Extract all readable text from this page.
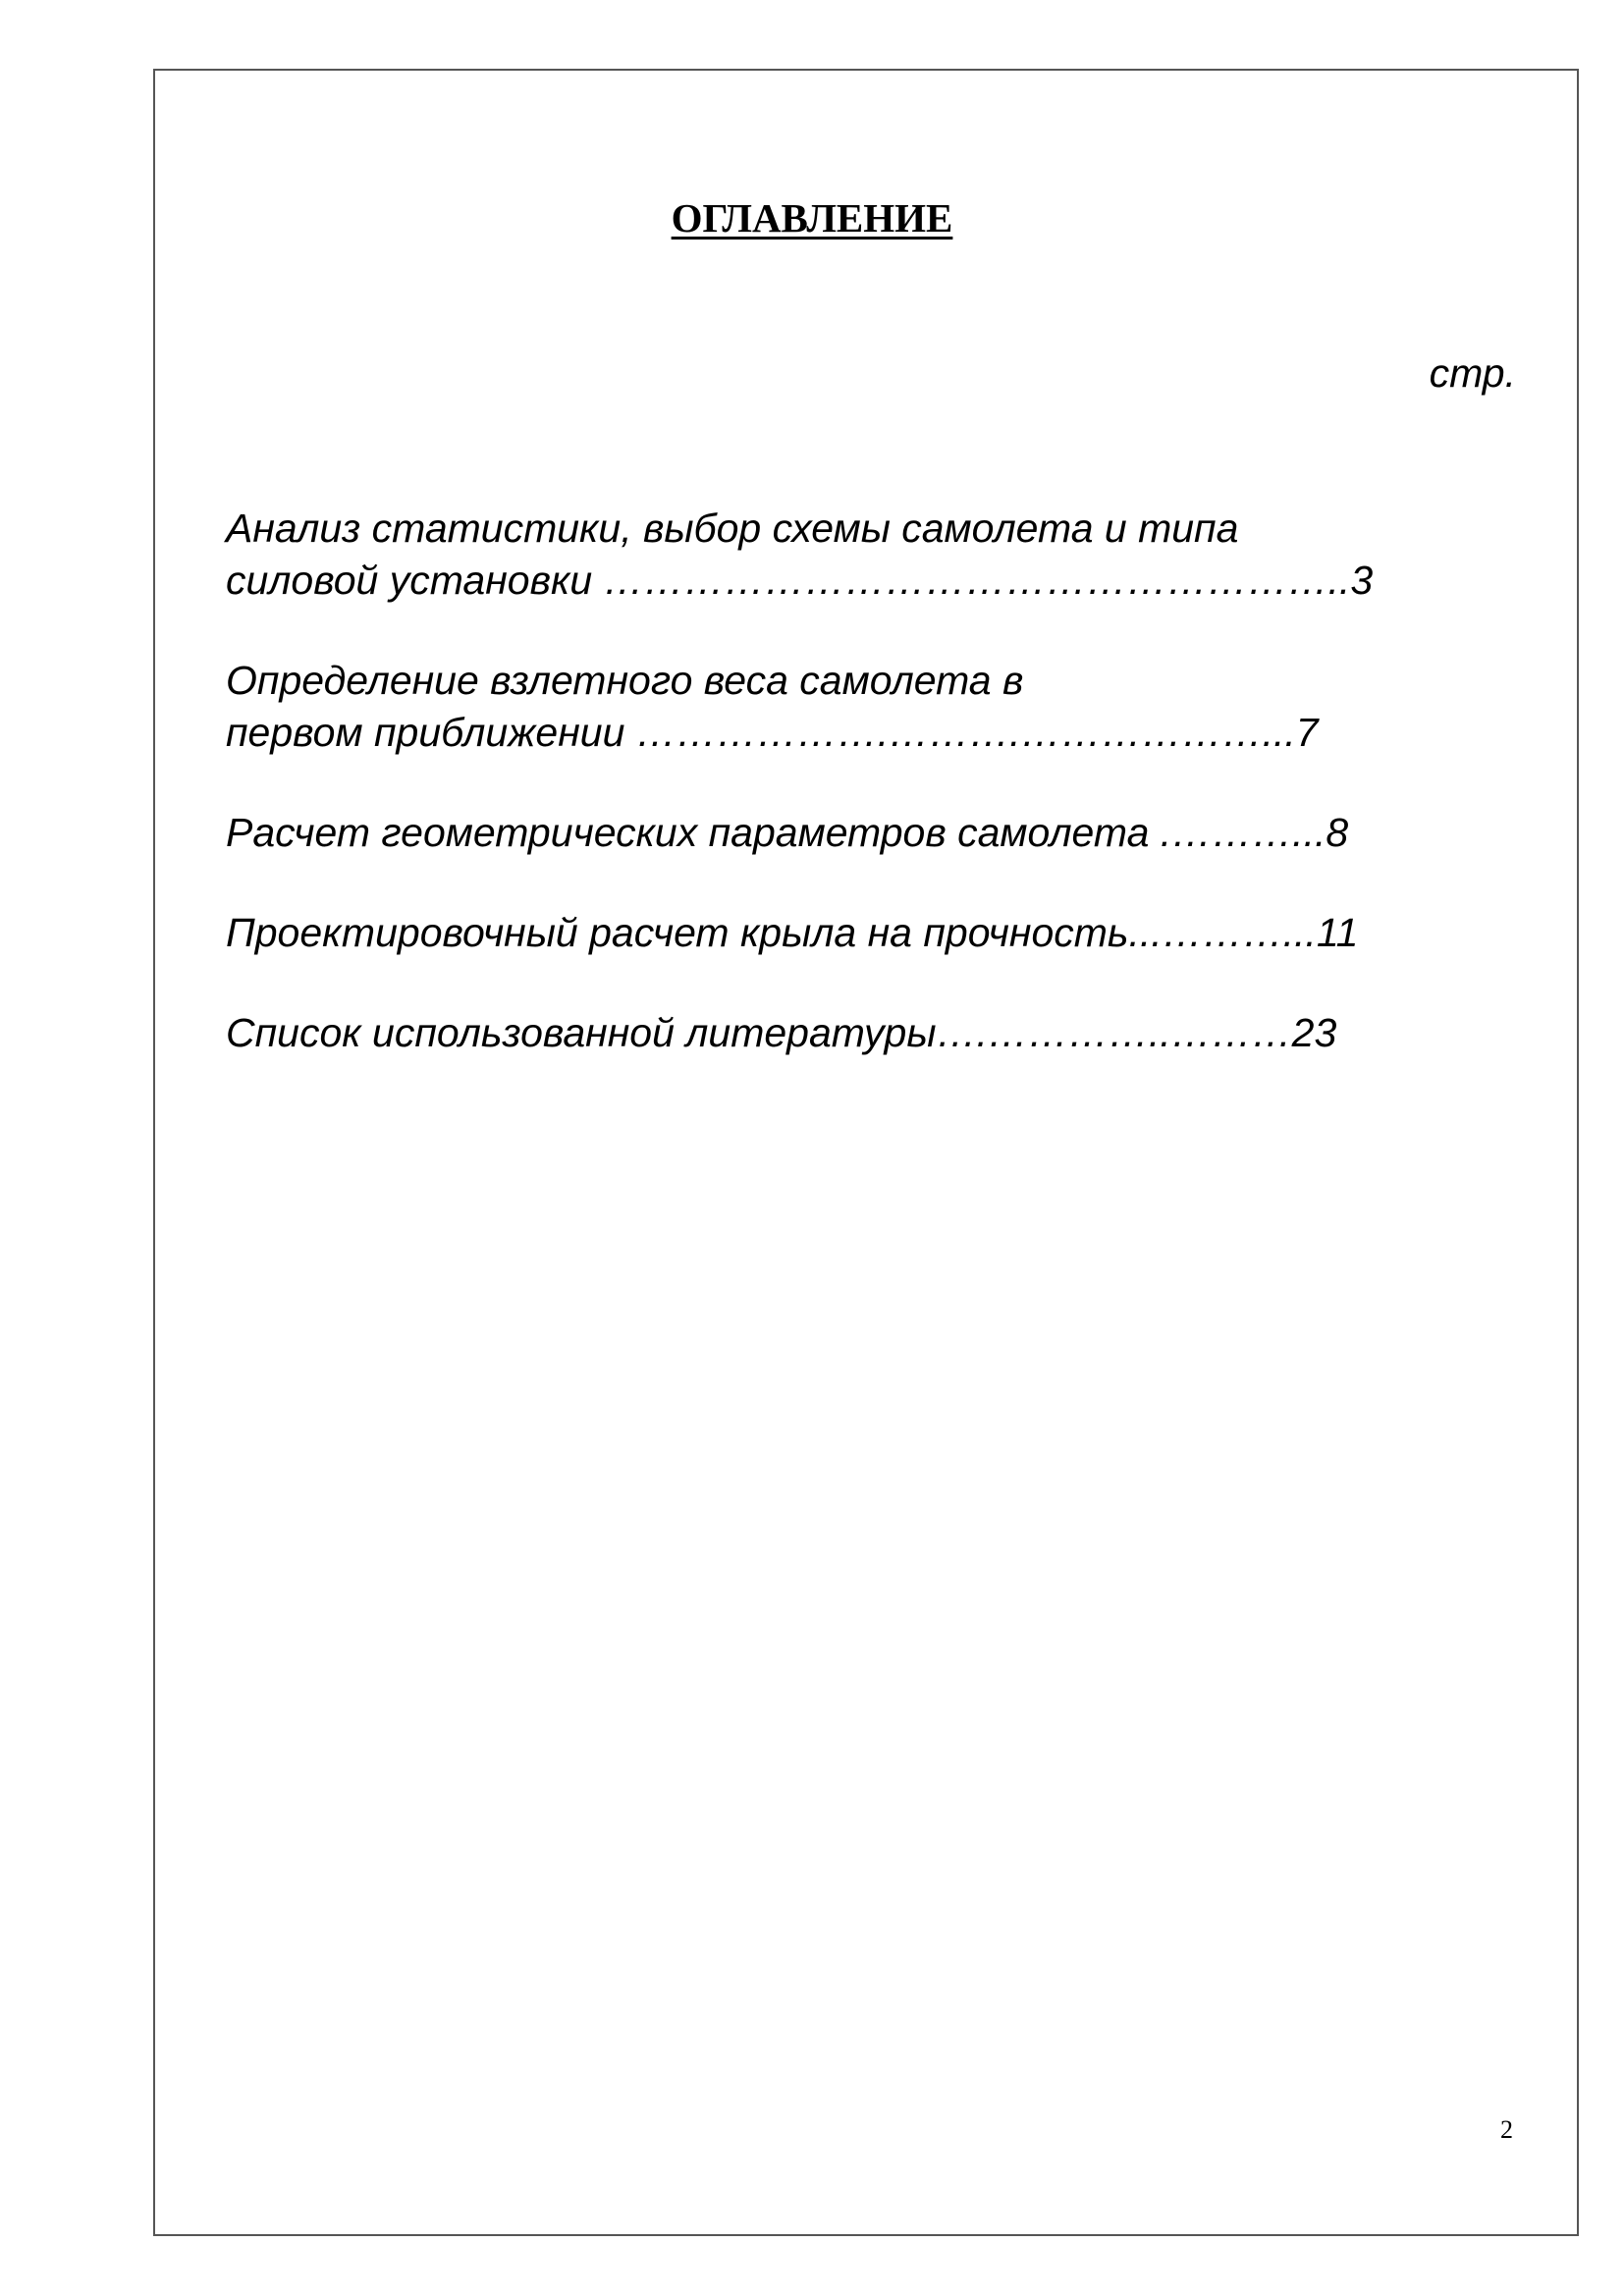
ОГЛАВЛЕНИЕ
стр.
Анализ статистики, выбор схемы самолета и типа
силовой установки ………………………………………………..3
Определение взлетного веса самолета в
первом приближении ……………….……….………………...7
Расчет геометрических параметров самолета .………...8
Проектировочный расчет крыла на прочность...………...11
Список использованной литературы….…………..………23
2
